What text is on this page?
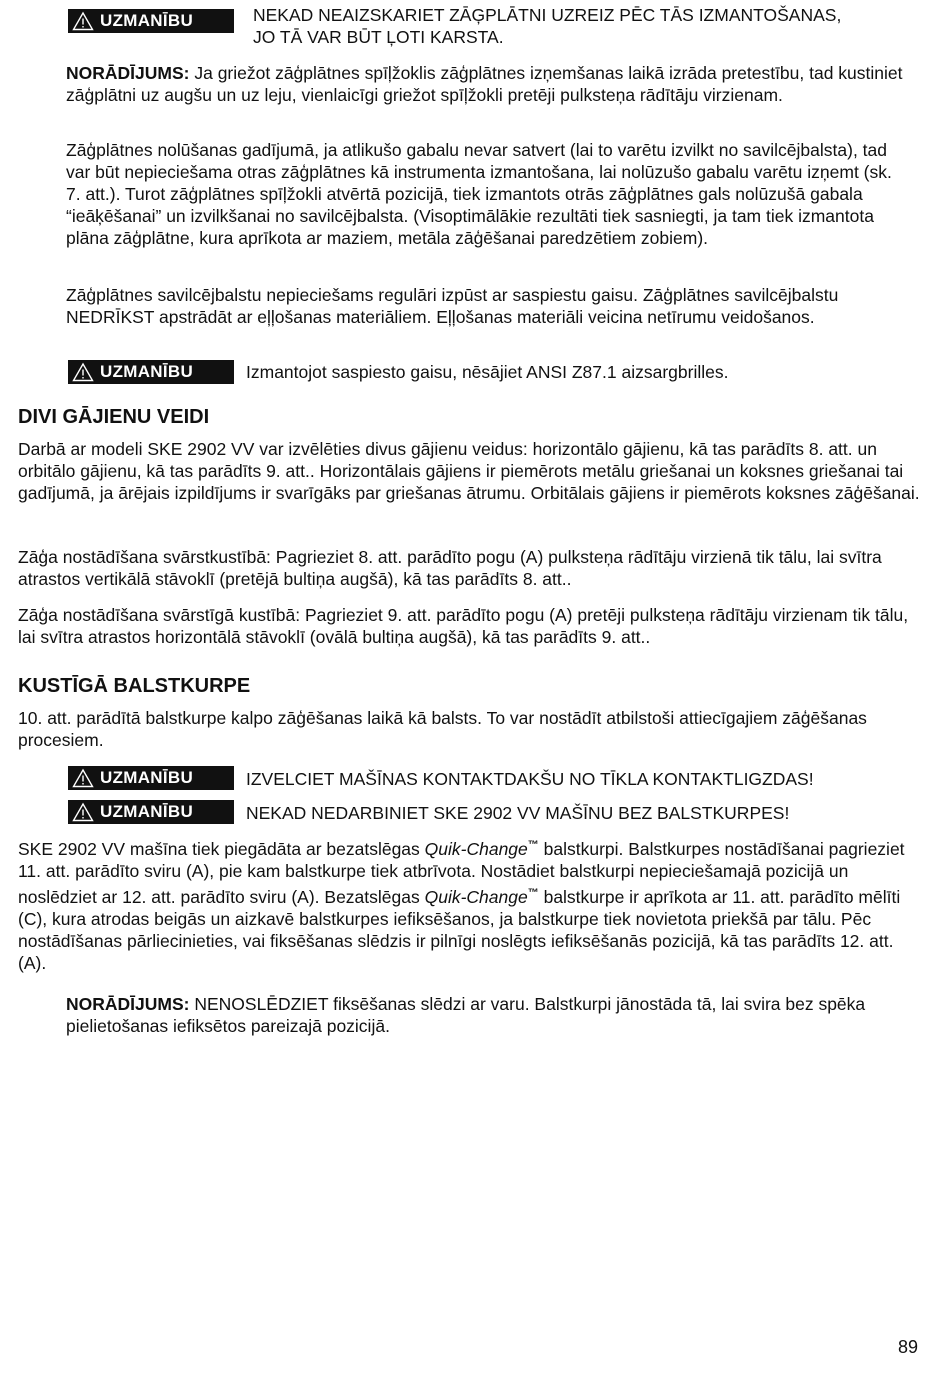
UZMANĪBU	NEKAD NEAIZSKARIET ZĀĢPLĀTNI UZREIZ PĒC TĀS IZMANTOŠANAS,
JO TĀ VAR BŪT ĻOTI KARSTA.

NORĀDĪJUMS: Ja griežot zāģplātnes spīļžoklis zāģplātnes izņemšanas laikā izrāda pretestību, tad kustiniet zāģplātni uz augšu un uz leju, vienlaicīgi griežot spīļžokli pretēji pulksteņa rādītāju virzienam.

Zāģplātnes nolūšanas gadījumā, ja atlikušo gabalu nevar satvert (lai to varētu izvilkt no savilcējbalsta), tad var būt nepieciešama otras zāģplātnes kā instrumenta izmantošana, lai nolūzušo gabalu varētu izņemt (sk. 7. att.). Turot zāģplātnes spīļžokli atvērtā pozicijā, tiek izmantots otrās zāģplātnes gals nolūzušā gabala “ieāķēšanai” un izvilkšanai no savilcējbalsta. (Visoptimālākie rezultāti tiek sasniegti, ja tam tiek izmantota plāna zāģplātne, kura aprīkota ar maziem, metāla zāģēšanai paredzētiem zobiem).

Zāģplātnes savilcējbalstu nepieciešams regulāri izpūst ar saspiestu gaisu. Zāģplātnes savilcējbalstu NEDRĪKST apstrādāt ar eļļošanas materiāliem. Eļļošanas materiāli veicina netīrumu veidošanos.

UZMANĪBU	Izmantojot saspiesto gaisu, nēsājiet ANSI Z87.1 aizsargbrilles.
DIVI GĀJIENU VEIDI

Darbā ar modeli SKE 2902 VV var izvēlēties divus gājienu veidus: horizontālo gājienu, kā tas parādīts 8. att. un orbitālo gājienu, kā tas parādīts 9. att.. Horizontālais gājiens ir piemērots metālu griešanai un koksnes griešanai tai gadījumā, ja ārējais izpildījums ir svarīgāks par griešanas ātrumu. Orbitālais gājiens ir piemērots koksnes zāģēšanai.

Zāģa nostādīšana svārstkustībā: Pagrieziet 8. att. parādīto pogu (A) pulksteņa rādītāju virzienā tik tālu, lai svītra atrastos vertikālā stāvoklī (pretējā bultiņa augšā), kā tas parādīts 8. att..

Zāģa nostādīšana svārstīgā kustībā: Pagrieziet 9. att. parādīto pogu (A) pretēji pulksteņa rādītāju virzienam tik tālu, lai svītra atrastos horizontālā stāvoklī (ovālā bultiņa augšā), kā tas parādīts 9. att..

KUSTĪGĀ BALSTKURPE

10. att. parādītā balstkurpe kalpo zāģēšanas laikā kā balsts. To var nostādīt atbilstoši attiecīgajiem zāģēšanas procesiem.

UZMANĪBU	IZVELCIET MAŠĪNAS KONTAKTDAKŠU NO TĪKLA KONTAKTLIGZDAS!
UZMANĪBU	NEKAD NEDARBINIET SKE 2902 VV MAŠĪNU BEZ BALSTKURPES!

SKE 2902 VV mašīna tiek piegādāta ar bezatslēgas Quik-Change™ balstkurpi. Balstkurpes nostādīšanai pagrieziet 11. att. parādīto sviru (A), pie kam balstkurpe tiek atbrīvota. Nostādiet balstkurpi nepieciešamajā pozicijā un noslēdziet ar 12. att. parādīto sviru (A). Bezatslēgas Quik-Change™ balstkurpe ir aprīkota ar 11. att. parādīto mēlīti (C), kura atrodas beigās un aizkavē balstkurpes iefiksēšanos, ja balstkurpe tiek novietota priekšā par tālu. Pēc nostādīšanas pārliecinieties, vai fiksēšanas slēdzis ir pilnīgi noslēgts iefiksēšanās pozicijā, kā tas parādīts 12. att. (A).

NORĀDĪJUMS: NENOSLĒDZIET fiksēšanas slēdzi ar varu. Balstkurpi jānostāda tā, lai svira bez spēka pielietošanas iefiksētos pareizajā pozicijā.

89
